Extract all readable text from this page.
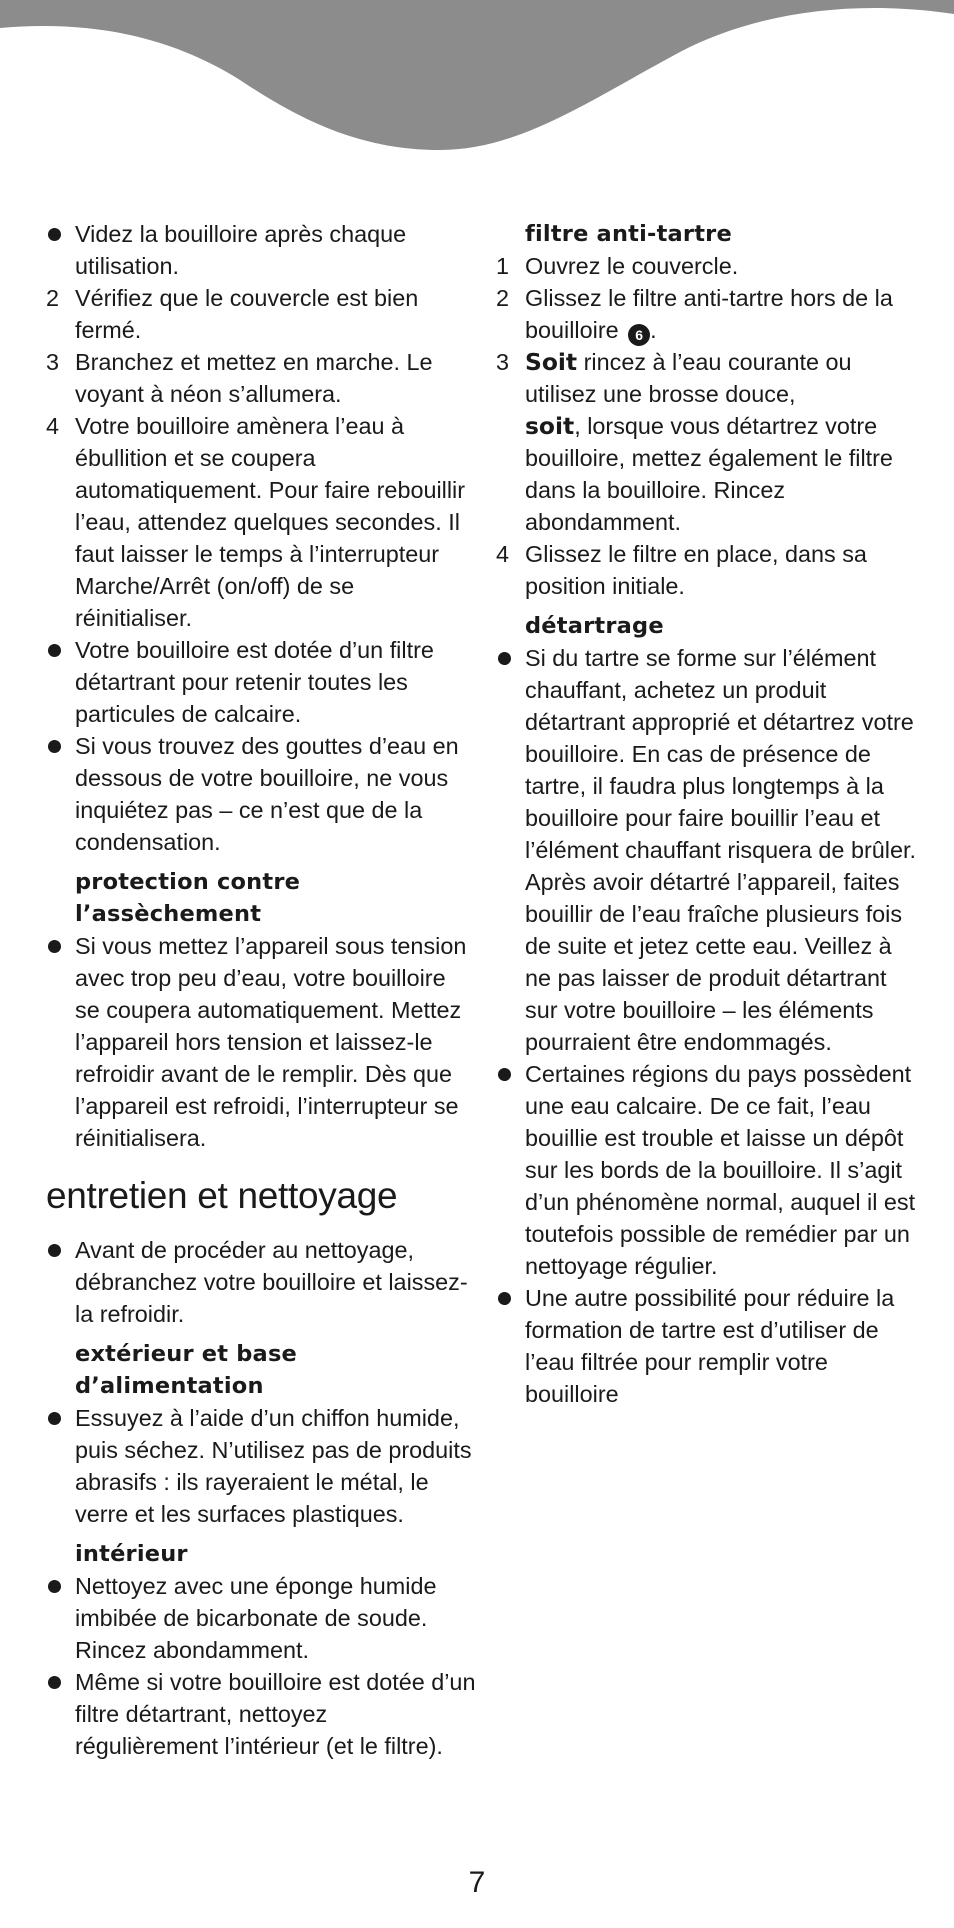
Videz la bouilloire après chaque utilisation.
2 Vérifiez que le couvercle est bien fermé.
3 Branchez et mettez en marche. Le voyant à néon s’allumera.
4 Votre bouilloire amènera l’eau à ébullition et se coupera automatiquement. Pour faire rebouillir l’eau, attendez quelques secondes. Il faut laisser le temps à l’interrupteur Marche/Arrêt (on/off) de se réinitialiser.
Votre bouilloire est dotée d’un filtre détartrant pour retenir toutes les particules de calcaire.
Si vous trouvez des gouttes d’eau en dessous de votre bouilloire, ne vous inquiétez pas – ce n’est que de la condensation.
protection contre
l’assèchement
Si vous mettez l’appareil sous tension avec trop peu d’eau, votre bouilloire se coupera automatiquement. Mettez l’appareil hors tension et laissez-le refroidir avant de le remplir. Dès que l’appareil est refroidi, l’interrupteur se réinitialisera.
entretien et nettoyage
Avant de procéder au nettoyage, débranchez votre bouilloire et laissez-la refroidir.
extérieur et base
d’alimentation
Essuyez à l’aide d’un chiffon humide, puis séchez. N’utilisez pas de produits abrasifs : ils rayeraient le métal, le verre et les surfaces plastiques.
intérieur
Nettoyez avec une éponge humide imbibée de bicarbonate de soude. Rincez abondamment.
Même si votre bouilloire est dotée d’un filtre détartrant, nettoyez régulièrement l’intérieur (et le filtre).
filtre anti-tartre
1 Ouvrez le couvercle.
2 Glissez le filtre anti-tartre hors de la bouilloire 6 .
3 Soit rincez à l’eau courante ou utilisez une brosse douce,
soit, lorsque vous détartrez votre bouilloire, mettez également le filtre dans la bouilloire. Rincez abondamment.
4 Glissez le filtre en place, dans sa position initiale.
détartrage
Si du tartre se forme sur l’élément chauffant, achetez un produit détartrant approprié et détartrez votre bouilloire. En cas de présence de tartre, il faudra plus longtemps à la bouilloire pour faire bouillir l’eau et l’élément chauffant risquera de brûler. Après avoir détartré l’appareil, faites bouillir de l’eau fraîche plusieurs fois de suite et jetez cette eau. Veillez à ne pas laisser de produit détartrant sur votre bouilloire – les éléments pourraient être endommagés.
Certaines régions du pays possèdent une eau calcaire. De ce fait, l’eau bouillie est trouble et laisse un dépôt sur les bords de la bouilloire. Il s’agit d’un phénomène normal, auquel il est toutefois possible de remédier par un nettoyage régulier.
Une autre possibilité pour réduire la formation de tartre est d’utiliser de l’eau filtrée pour remplir votre bouilloire
7
